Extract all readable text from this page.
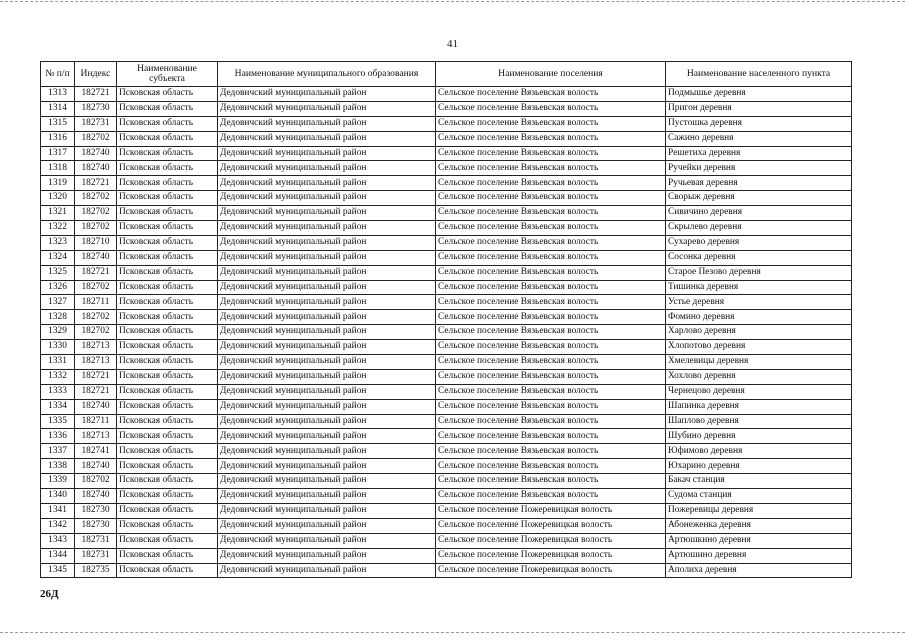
41
№ п/п	Индекс	Наименование субъекта	Наименование муниципального образования	Наименование поселения	Наименование населенного пункта
1313	182721	Псковская область	Дедовичский муниципальный район	Сельское поселение Вязьевская волость	Подмышье деревня
1314	182730	Псковская область	Дедовичский муниципальный район	Сельское поселение Вязьевская волость	Пригон деревня
1315	182731	Псковская область	Дедовичский муниципальный район	Сельское поселение Вязьевская волость	Пустошка деревня
1316	182702	Псковская область	Дедовичский муниципальный район	Сельское поселение Вязьевская волость	Сажино деревня
1317	182740	Псковская область	Дедовичский муниципальный район	Сельское поселение Вязьевская волость	Решетиха деревня
1318	182740	Псковская область	Дедовичский муниципальный район	Сельское поселение Вязьевская волость	Ручейки деревня
1319	182721	Псковская область	Дедовичский муниципальный район	Сельское поселение Вязьевская волость	Ручьевая деревня
1320	182702	Псковская область	Дедовичский муниципальный район	Сельское поселение Вязьевская волость	Сворыж деревня
1321	182702	Псковская область	Дедовичский муниципальный район	Сельское поселение Вязьевская волость	Сивичино деревня
1322	182702	Псковская область	Дедовичский муниципальный район	Сельское поселение Вязьевская волость	Скрылево деревня
1323	182710	Псковская область	Дедовичский муниципальный район	Сельское поселение Вязьевская волость	Сухарево деревня
1324	182740	Псковская область	Дедовичский муниципальный район	Сельское поселение Вязьевская волость	Сосонка деревня
1325	182721	Псковская область	Дедовичский муниципальный район	Сельское поселение Вязьевская волость	Старое Пезово деревня
1326	182702	Псковская область	Дедовичский муниципальный район	Сельское поселение Вязьевская волость	Тишинка деревня
1327	182711	Псковская область	Дедовичский муниципальный район	Сельское поселение Вязьевская волость	Устье деревня
1328	182702	Псковская область	Дедовичский муниципальный район	Сельское поселение Вязьевская волость	Фомино деревня
1329	182702	Псковская область	Дедовичский муниципальный район	Сельское поселение Вязьевская волость	Харлово деревня
1330	182713	Псковская область	Дедовичский муниципальный район	Сельское поселение Вязьевская волость	Хлопотово деревня
1331	182713	Псковская область	Дедовичский муниципальный район	Сельское поселение Вязьевская волость	Хмелевицы деревня
1332	182721	Псковская область	Дедовичский муниципальный район	Сельское поселение Вязьевская волость	Хохлово деревня
1333	182721	Псковская область	Дедовичский муниципальный район	Сельское поселение Вязьевская волость	Чернецово деревня
1334	182740	Псковская область	Дедовичский муниципальный район	Сельское поселение Вязьевская волость	Шапинка деревня
1335	182711	Псковская область	Дедовичский муниципальный район	Сельское поселение Вязьевская волость	Шаплово деревня
1336	182713	Псковская область	Дедовичский муниципальный район	Сельское поселение Вязьевская волость	Шубино деревня
1337	182741	Псковская область	Дедовичский муниципальный район	Сельское поселение Вязьевская волость	Юфимово деревня
1338	182740	Псковская область	Дедовичский муниципальный район	Сельское поселение Вязьевская волость	Юхарино деревня
1339	182702	Псковская область	Дедовичский муниципальный район	Сельское поселение Вязьевская волость	Бакач станция
1340	182740	Псковская область	Дедовичский муниципальный район	Сельское поселение Вязьевская волость	Судома станция
1341	182730	Псковская область	Дедовичский муниципальный район	Сельское поселение Пожеревицкая волость	Пожеревицы деревня
1342	182730	Псковская область	Дедовичский муниципальный район	Сельское поселение Пожеревицкая волость	Абонеженка деревня
1343	182731	Псковская область	Дедовичский муниципальный район	Сельское поселение Пожеревицкая волость	Артюшкино деревня
1344	182731	Псковская область	Дедовичский муниципальный район	Сельское поселение Пожеревицкая волость	Артюшино деревня
1345	182735	Псковская область	Дедовичский муниципальный район	Сельское поселение Пожеревицкая волость	Аполиха деревня
26Д
